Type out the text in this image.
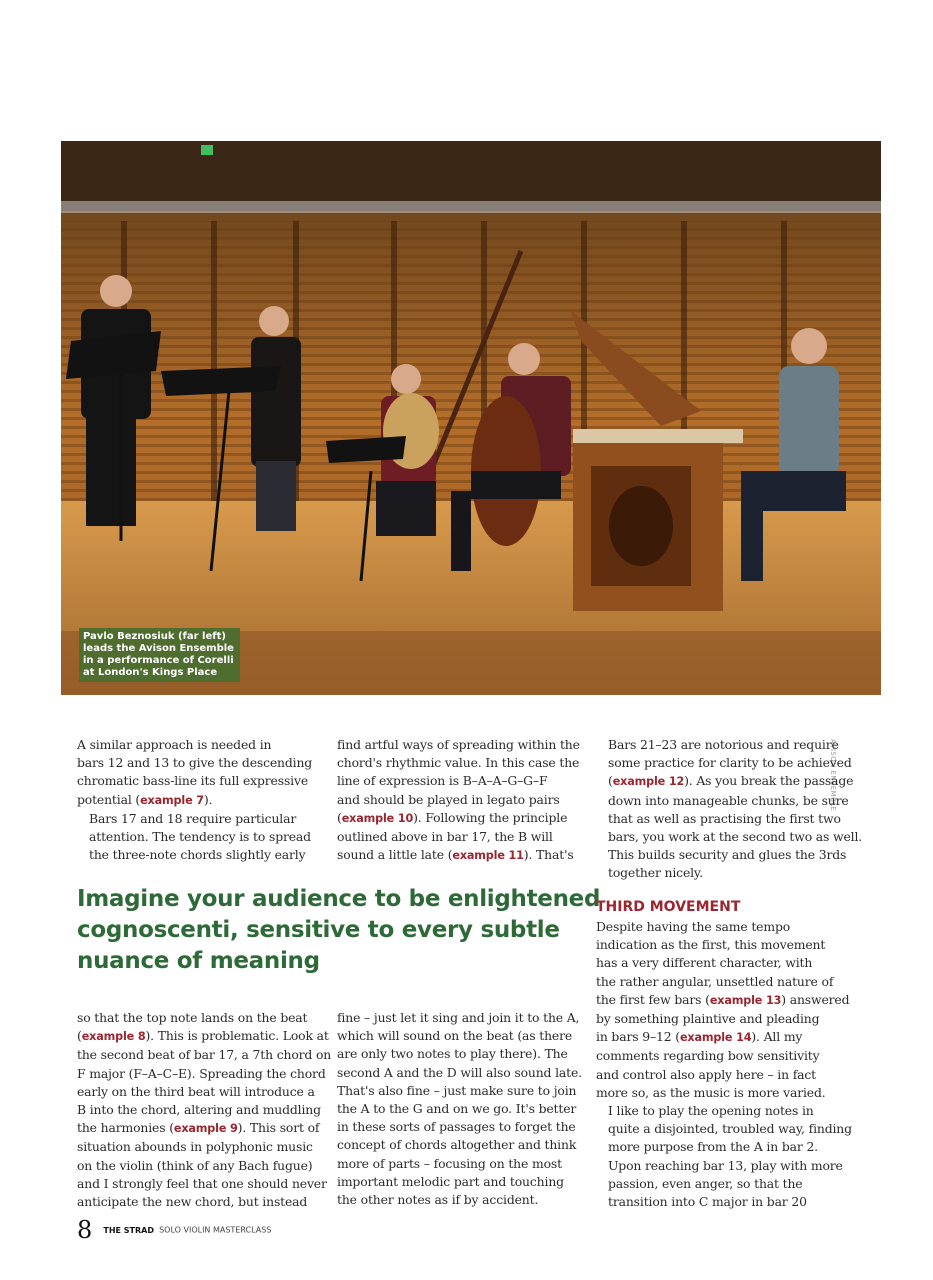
Pavlo Beznosiuk (far left)
leads the Avison Ensemble
in a performance of Corelli
at London's Kings Place
AVISON ENSEMBLE

A similar approach is needed in
bars 12 and 13 to give the descending
chromatic bass-line its full expressive
potential (example 7).

Bars 17 and 18 require particular
attention. The tendency is to spread
the three-note chords slightly early

find artful ways of spreading within the
chord's rhythmic value. In this case the
line of expression is B–A–A–G–G–F
and should be played in legato pairs
(example 10). Following the principle
outlined above in bar 17, the B will
sound a little late (example 11). That's

Bars 21–23 are notorious and require
some practice for clarity to be achieved
(example 12). As you break the passage
down into manageable chunks, be sure
that as well as practising the first two
bars, you work at the second two as well.
This builds security and glues the 3rds
together nicely.

Imagine your audience to be enlightened
cognoscenti, sensitive to every subtle
nuance of meaning
THIRD MOVEMENT

Despite having the same tempo
indication as the first, this movement
has a very different character, with
the rather angular, unsettled nature of
the first few bars (example 13) answered
by something plaintive and pleading
in bars 9–12 (example 14). All my
comments regarding bow sensitivity
and control also apply here – in fact
more so, as the music is more varied.

I like to play the opening notes in
quite a disjointed, troubled way, finding
more purpose from the A in bar 2.
Upon reaching bar 13, play with more
passion, even anger, so that the
transition into C major in bar 20

so that the top note lands on the beat
(example 8). This is problematic. Look at
the second beat of bar 17, a 7th chord on
F major (F–A–C–E). Spreading the chord
early on the third beat will introduce a
B into the chord, altering and muddling
the harmonies (example 9). This sort of
situation abounds in polyphonic music
on the violin (think of any Bach fugue)
and I strongly feel that one should never
anticipate the new chord, but instead

fine – just let it sing and join it to the A,
which will sound on the beat (as there
are only two notes to play there). The
second A and the D will also sound late.
That's also fine – just make sure to join
the A to the G and on we go. It's better
in these sorts of passages to forget the
concept of chords altogether and think
more of parts – focusing on the most
important melodic part and touching
the other notes as if by accident.

8 THE STRAD SOLO VIOLIN MASTERCLASS
